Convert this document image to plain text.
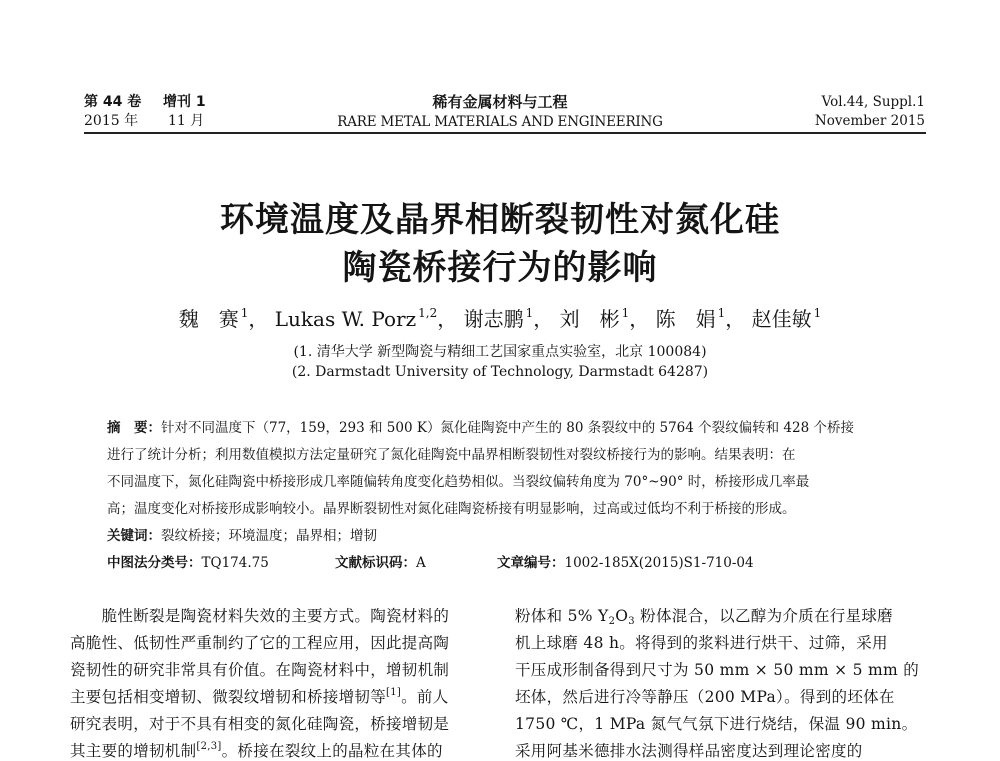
第 44 卷 增刊 1
2015 年 11 月
稀有金属材料与工程
RARE METAL MATERIALS AND ENGINEERING
Vol.44, Suppl.1
November 2015
环境温度及晶界相断裂韧性对氮化硅
陶瓷桥接行为的影响
魏　赛 $^1$， Lukas W. Porz $^{1,2}$， 谢志鹏 $^1$， 刘　彬 $^1$， 陈　娟 $^1$， 赵佳敏 $^1$
(1. 清华大学 新型陶瓷与精细工艺国家重点实验室，北京 100084)
(2. Darmstadt University of Technology, Darmstadt 64287)
摘　要：针对不同温度下（77，159，293 和 500 K）氮化硅陶瓷中产生的 80 条裂纹中的 5764 个裂纹偏转和 428 个桥接
进行了统计分析；利用数值模拟方法定量研究了氮化硅陶瓷中晶界相断裂韧性对裂纹桥接行为的影响。结果表明：在
不同温度下，氮化硅陶瓷中桥接形成几率随偏转角度变化趋势相似。当裂纹偏转角度为 70°~90° 时，桥接形成几率最
高；温度变化对桥接形成影响较小。晶界断裂韧性对氮化硅陶瓷桥接有明显影响，过高或过低均不利于桥接的形成。
关键词：裂纹桥接；环境温度；晶界相；增韧
中图法分类号：TQ174.75	文献标识码：A	文章编号：1002-185X(2015)S1-710-04
　　脆性断裂是陶瓷材料失效的主要方式。陶瓷材料的
高脆性、低韧性严重制约了它的工程应用，因此提高陶
瓷韧性的研究非常具有价值。在陶瓷材料中，增韧机制
主要包括相变增韧、微裂纹增韧和桥接增韧等[1]。前人
研究表明，对于不具有相变的氮化硅陶瓷，桥接增韧是
其主要的增韧机制[2,3]。桥接在裂纹上的晶粒在其体的
粉体和 5% $Y_2O_3$ 粉体混合，以乙醇为介质在行星球磨
机上球磨 48 h。将得到的浆料进行烘干、过筛，采用
干压成形制备得到尺寸为 50 mm × 50 mm × 5 mm 的
坯体，然后进行冷等静压（200 MPa）。得到的坯体在
1750 ℃，1 MPa 氮气气氛下进行烧结，保温 90 min。
采用阿基米德排水法测得样品密度达到理论密度的
